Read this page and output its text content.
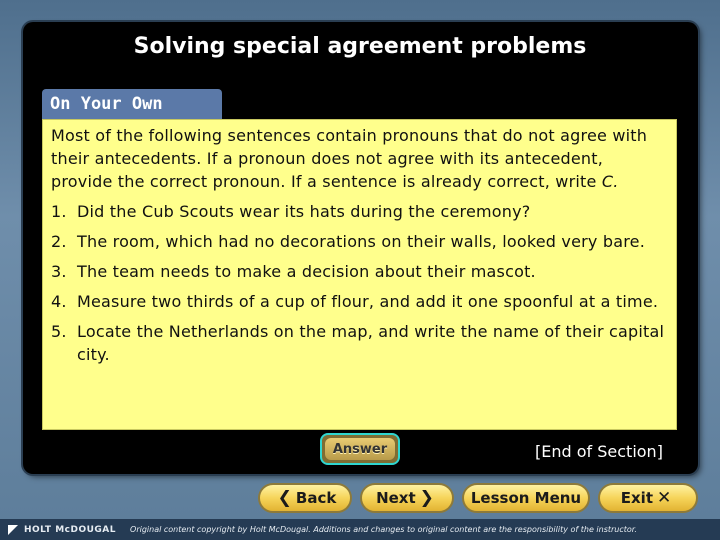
Solving special agreement problems
On Your Own

Most of the following sentences contain pronouns that do not agree with their antecedents. If a pronoun does not agree with its antecedent, provide the correct pronoun. If a sentence is already correct, write C.

1. Did the Cub Scouts wear its hats during the ceremony?
2. The room, which had no decorations on their walls, looked very bare.
3. The team needs to make a decision about their mascot.
4. Measure two thirds of a cup of flour, and add it one spoonful at a time.
5. Locate the Netherlands on the map, and write the name of their capital city.
Answer	[End of Section]
❮ Back	Next ❯ Lesson Menu	Exit ✕
HOLT McDOUGAL Original content copyright by Holt McDougal. Additions and changes to original content are the responsibility of the instructor.
